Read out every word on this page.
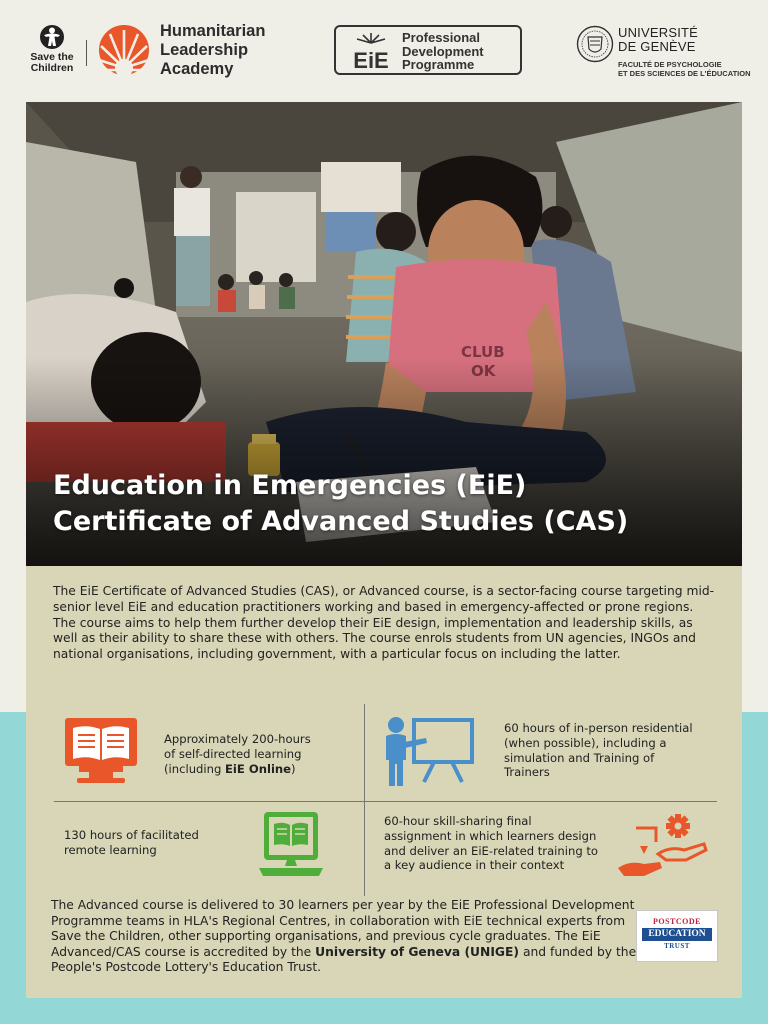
Save the
Children
Humanitarian
Leadership
Academy	EiE
Professional
Development
Programme
UNIVERSITÉ
DE GENÈVE
FACULTÉ DE PSYCHOLOGIE
ET DES SCIENCES DE L'ÉDUCATION
Education in Emergencies (EiE)
Certificate of Advanced Studies (CAS)

The EiE Certificate of Advanced Studies (CAS), or Advanced course, is a sector-facing course targeting mid-senior level EiE and education practitioners working and based in emergency-affected or prone regions. The course aims to help them further develop their EiE design, implementation and leadership skills, as well as their ability to share these with others. The course enrols students from UN agencies, INGOs and national organisations, including government, with a particular focus on including the latter.

Approximately 200-hours
of self-directed learning
(including EiE Online)
60 hours of in-person residential
(when possible), including a
simulation and Training of
Trainers
130 hours of facilitated
remote learning
60-hour skill-sharing final
assignment in which learners design
and deliver an EiE-related training to
a key audience in their context

The Advanced course is delivered to 30 learners per year by the EiE Professional Development Programme teams in HLA's Regional Centres, in collaboration with EiE technical experts from Save the Children, other supporting organisations, and previous cycle graduates. The EiE Advanced/CAS course is accredited by the University of Geneva (UNIGE) and funded by the People's Postcode Lottery's Education Trust.

POSTCODE
EDUCATION
TRUST
